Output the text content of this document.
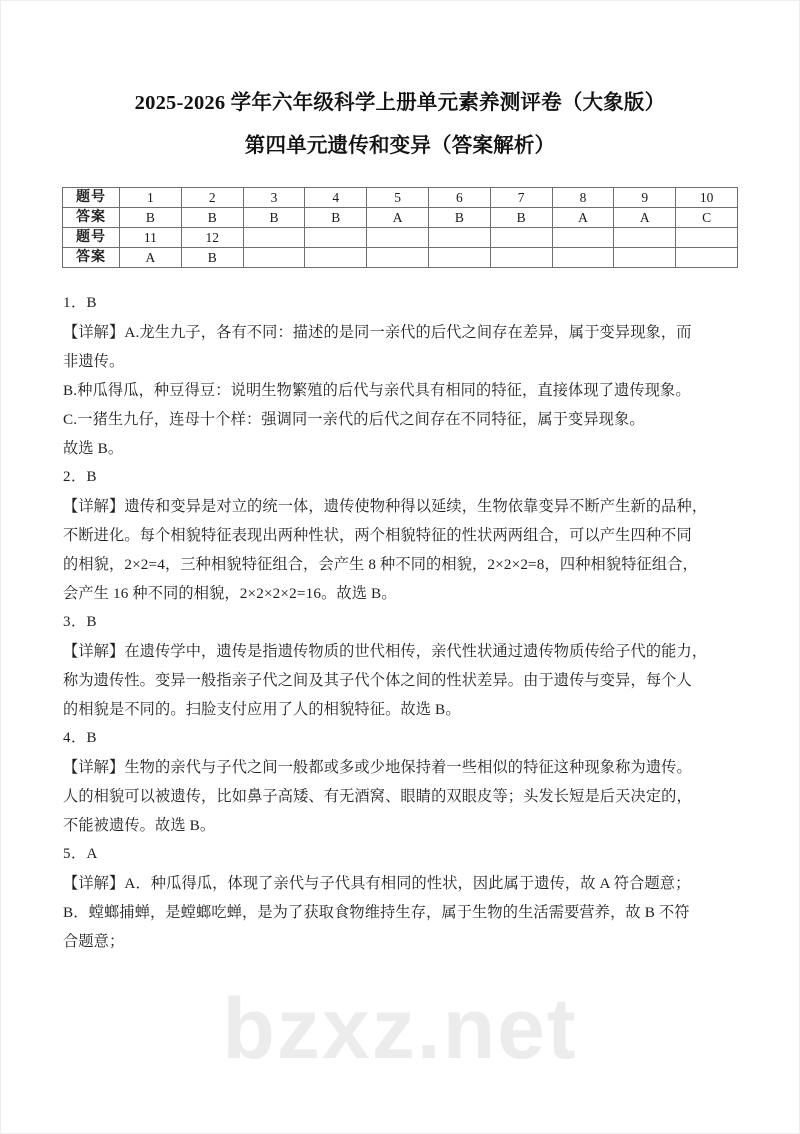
bzxz.net
2025-2026 学年六年级科学上册单元素养测评卷（大象版）
第四单元遗传和变异（答案解析）
题号	1	2	3	4	5	6	7	8	9	10
答案	B	B	B	B	A	B	B	A	A	C
题号	11	12								
答案	A	B								
1．B
【详解】A.龙生九子，各有不同：描述的是同一亲代的后代之间存在差异，属于变异现象，而
非遗传。
B.种瓜得瓜，种豆得豆：说明生物繁殖的后代与亲代具有相同的特征，直接体现了遗传现象。
C.一猪生九仔，连母十个样：强调同一亲代的后代之间存在不同特征，属于变异现象。
故选 B。
2．B
【详解】遗传和变异是对立的统一体，遗传使物种得以延续，生物依靠变异不断产生新的品种，
不断进化。每个相貌特征表现出两种性状，两个相貌特征的性状两两组合，可以产生四种不同
的相貌，2×2=4，三种相貌特征组合，会产生 8 种不同的相貌，2×2×2=8，四种相貌特征组合，
会产生 16 种不同的相貌，2×2×2×2=16。故选 B。
3．B
【详解】在遗传学中，遗传是指遗传物质的世代相传，亲代性状通过遗传物质传给子代的能力，
称为遗传性。变异一般指亲子代之间及其子代个体之间的性状差异。由于遗传与变异，每个人
的相貌是不同的。扫脸支付应用了人的相貌特征。故选 B。
4．B
【详解】生物的亲代与子代之间一般都或多或少地保持着一些相似的特征这种现象称为遗传。
人的相貌可以被遗传，比如鼻子高矮、有无酒窝、眼睛的双眼皮等；头发长短是后天决定的，
不能被遗传。故选 B。
5．A
【详解】A．种瓜得瓜，体现了亲代与子代具有相同的性状，因此属于遗传，故 A 符合题意；
B．螳螂捕蝉，是螳螂吃蝉，是为了获取食物维持生存，属于生物的生活需要营养，故 B 不符
合题意；
